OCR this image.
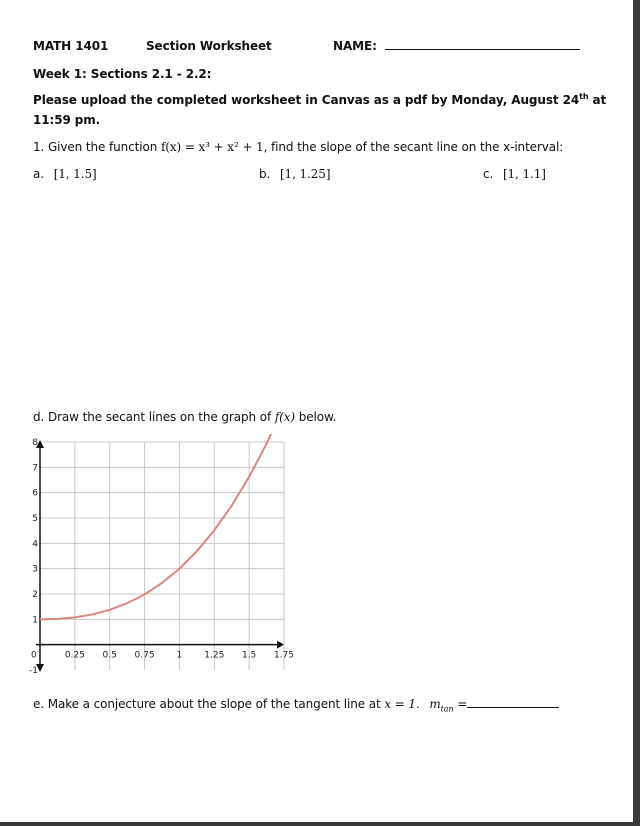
MATH 1401	Section Worksheet	NAME:
Week 1: Sections 2.1 - 2.2:
Please upload the completed worksheet in Canvas as a pdf by Monday, August 24th at
11:59 pm.
1. Given the function f(x) = x³ + x² + 1, find the slope of the secant line on the x-interval:
a. [1, 1.5]	b. [1, 1.25]	c. [1, 1.1]
d. Draw the secant lines on the graph of f(x) below.
0	0.25 0.5 0.75 1 1.25 1.5 1.75
-1
1
2
3
4
5
6
7
8
e. Make a conjecture about the slope of the tangent line at x = 1. $m_{tan}$ =
